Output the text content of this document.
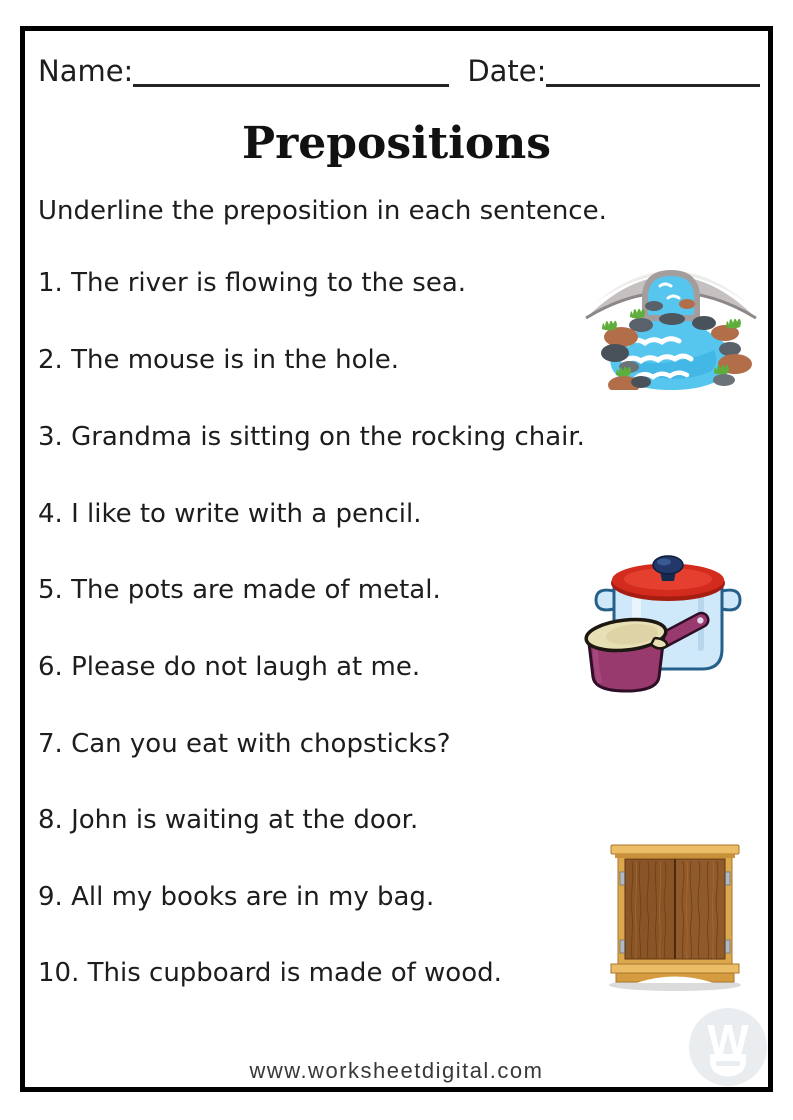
Name:	Date:
Prepositions
Underline the preposition in each sentence.
1. The river is flowing to the sea.
2. The mouse is in the hole.
3. Grandma is sitting on the rocking chair.
4. I like to write with a pencil.
5. The pots are made of metal.
6. Please do not laugh at me.
7. Can you eat with chopsticks?
8. John is waiting at the door.
9. All my books are in my bag.
10. This cupboard is made of wood.
www.worksheetdigital.com
W
